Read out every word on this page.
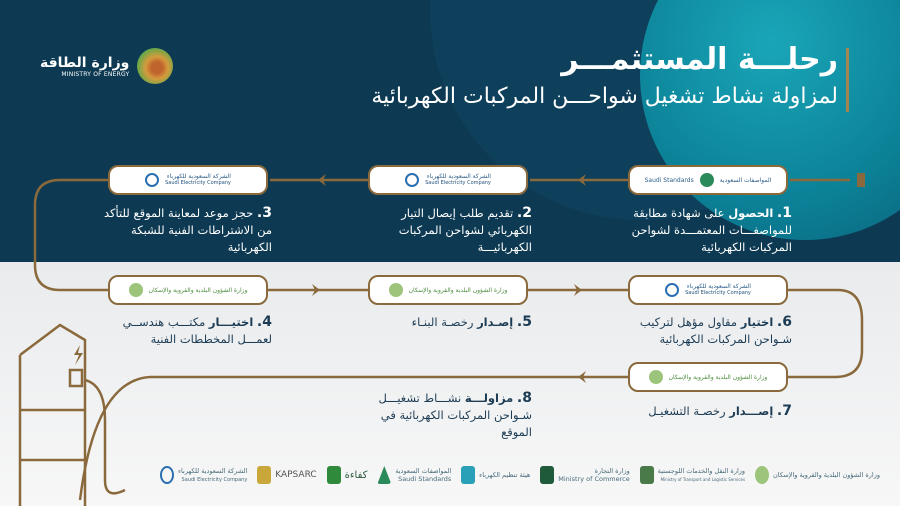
رحلـــة المستثمـــر
لمزاولة نشاط تشغيل شواحـــن المركبات الكهربائية
وزارة الطاقة
MINISTRY OF ENERGY
المواصفات السعودية
Saudi Standards
الشركة السعودية للكهرباء
Saudi Electricity Company
الشركة السعودية للكهرباء
Saudi Electricity Company
وزارة الشؤون البلدية والقروية والإسكان	وزارة الشؤون البلدية والقروية والإسكان	الشركة السعودية للكهرباء
Saudi Electricity Company
وزارة الشؤون البلدية والقروية والإسكان
1. الحصول على شهادة مطابقة للمواصفـــات المعتمـــدة لشواحن المركبات الكهربائية
2. تقديم طلب إيصال التيار الكهربائي لشواحن المركبات الكهربائيـــة
3. حجز موعد لمعاينة الموقع للتأكد من الاشتراطات الفنية للشبكة الكهربائية
4. اختيـــار مكتـــب هندســي لعمـــل المخططات الفنية
5. إصـدار رخصـة البنـاء	6. اختيار مقاول مؤهل لتركيب شـواحن المركبات الكهربائية
7. إصـــدار رخصـة التشغيـل
8. مزاولـــة نشـــاط تشغيـــل شـواحن المركبات الكهربائية في الموقع
الشركة السعودية للكهرباء
Saudi Electricity Company	KAPSARC	كفاءة	المواصفات السعودية
Saudi Standards	هيئة تنظيم الكهرباء	وزارة التجارة
Ministry of Commerce
وزارة النقل والخدمات اللوجستية
Ministry of Transport and Logistic Services
وزارة الشؤون البلدية والقروية والإسكان
